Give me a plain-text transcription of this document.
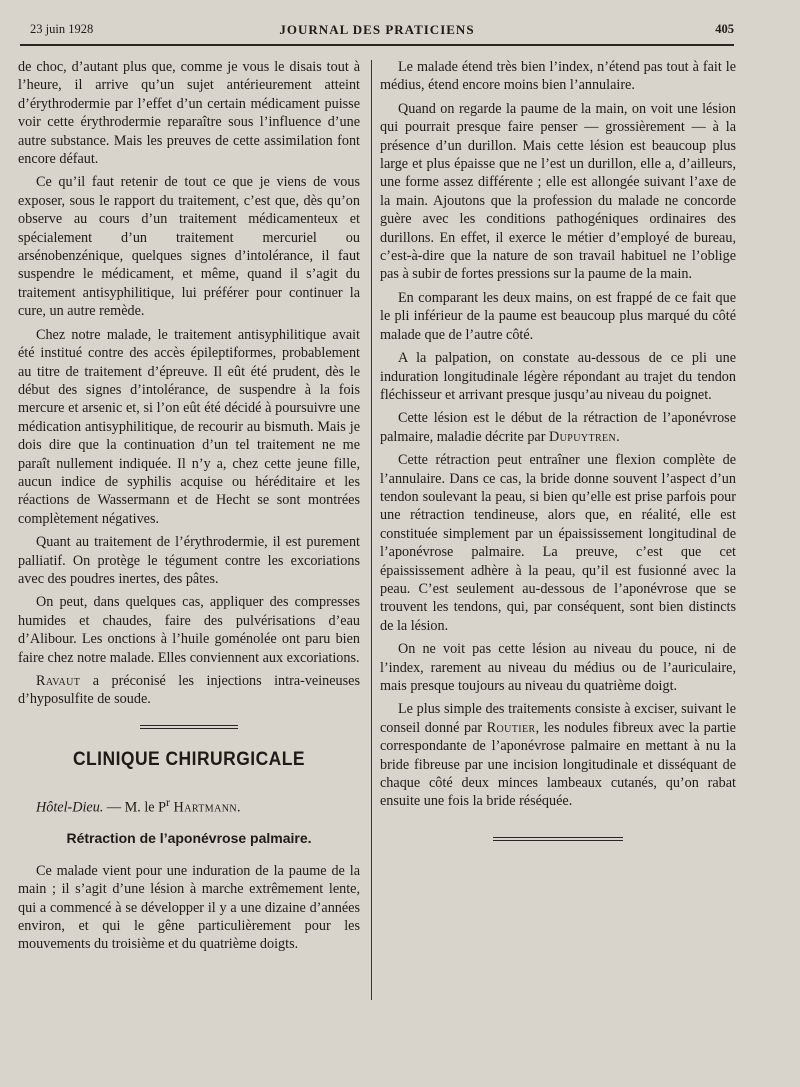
23 juin 1928	JOURNAL DES PRATICIENS	405

de choc, d’autant plus que, comme je vous le disais tout à l’heure, il arrive qu’un sujet antérieurement atteint d’érythrodermie par l’effet d’un certain médicament puisse voir cette érythrodermie reparaître sous l’influence d’une autre substance. Mais les preuves de cette assimilation font encore défaut.

Ce qu’il faut retenir de tout ce que je viens de vous exposer, sous le rapport du traitement, c’est que, dès qu’on observe au cours d’un traitement médicamenteux et spécialement d’un traitement mercuriel ou arsénobenzénique, quelques signes d’intolérance, il faut suspendre le médicament, et même, quand il s’agit du traitement antisyphilitique, lui préférer pour continuer la cure, un autre remède.

Chez notre malade, le traitement antisyphilitique avait été institué contre des accès épileptiformes, probablement au titre de traitement d’épreuve. Il eût été prudent, dès le début des signes d’intolérance, de suspendre à la fois mercure et arsenic et, si l’on eût été décidé à poursuivre une médication antisyphilitique, de recourir au bismuth. Mais je dois dire que la continuation d’un tel traitement ne me paraît nullement indiquée. Il n’y a, chez cette jeune fille, aucun indice de syphilis acquise ou héréditaire et les réactions de Wassermann et de Hecht se sont montrées complètement négatives.

Quant au traitement de l’érythrodermie, il est purement palliatif. On protège le tégument contre les excoriations avec des poudres inertes, des pâtes.

On peut, dans quelques cas, appliquer des compresses humides et chaudes, faire des pulvérisations d’eau d’Alibour. Les onctions à l’huile goménolée ont paru bien faire chez notre malade. Elles conviennent aux excoriations.

Ravaut a préconisé les injections intra-veineuses d’hyposulfite de soude.

CLINIQUE CHIRURGICALE

Hôtel-Dieu. — M. le $P^r$ Hartmann.

Rétraction de l’aponévrose palmaire.

Ce malade vient pour une induration de la paume de la main ; il s’agit d’une lésion à marche extrêmement lente, qui a commencé à se développer il y a une dizaine d’années environ, et qui le gêne particulièrement pour les mouvements du troisième et du quatrième doigts.

Le malade étend très bien l’index, n’étend pas tout à fait le médius, étend encore moins bien l’annulaire.

Quand on regarde la paume de la main, on voit une lésion qui pourrait presque faire penser — grossièrement — à la présence d’un durillon. Mais cette lésion est beaucoup plus large et plus épaisse que ne l’est un durillon, elle a, d’ailleurs, une forme assez différente ; elle est allongée suivant l’axe de la main. Ajoutons que la profession du malade ne concorde guère avec les conditions pathogéniques ordinaires des durillons. En effet, il exerce le métier d’employé de bureau, c’est-à-dire que la nature de son travail habituel ne l’oblige pas à subir de fortes pressions sur la paume de la main.

En comparant les deux mains, on est frappé de ce fait que le pli inférieur de la paume est beaucoup plus marqué du côté malade que de l’autre côté.

A la palpation, on constate au-dessous de ce pli une induration longitudinale légère répondant au trajet du tendon fléchisseur et arrivant presque jusqu’au niveau du poignet.

Cette lésion est le début de la rétraction de l’aponévrose palmaire, maladie décrite par Dupuytren.

Cette rétraction peut entraîner une flexion complète de l’annulaire. Dans ce cas, la bride donne souvent l’aspect d’un tendon soulevant la peau, si bien qu’elle est prise parfois pour une rétraction tendineuse, alors que, en réalité, elle est constituée simplement par un épaississement longitudinal de l’aponévrose palmaire. La preuve, c’est que cet épaississement adhère à la peau, qu’il est fusionné avec la peau. C’est seulement au-dessous de l’aponévrose que se trouvent les tendons, qui, par conséquent, sont bien distincts de la lésion.

On ne voit pas cette lésion au niveau du pouce, ni de l’index, rarement au niveau du médius ou de l’auriculaire, mais presque toujours au niveau du quatrième doigt.

Le plus simple des traitements consiste à exciser, suivant le conseil donné par Routier, les nodules fibreux avec la partie correspondante de l’aponévrose palmaire en mettant à nu la bride fibreuse par une incision longitudinale et disséquant de chaque côté deux minces lambeaux cutanés, qu’on rabat ensuite une fois la bride réséquée.
